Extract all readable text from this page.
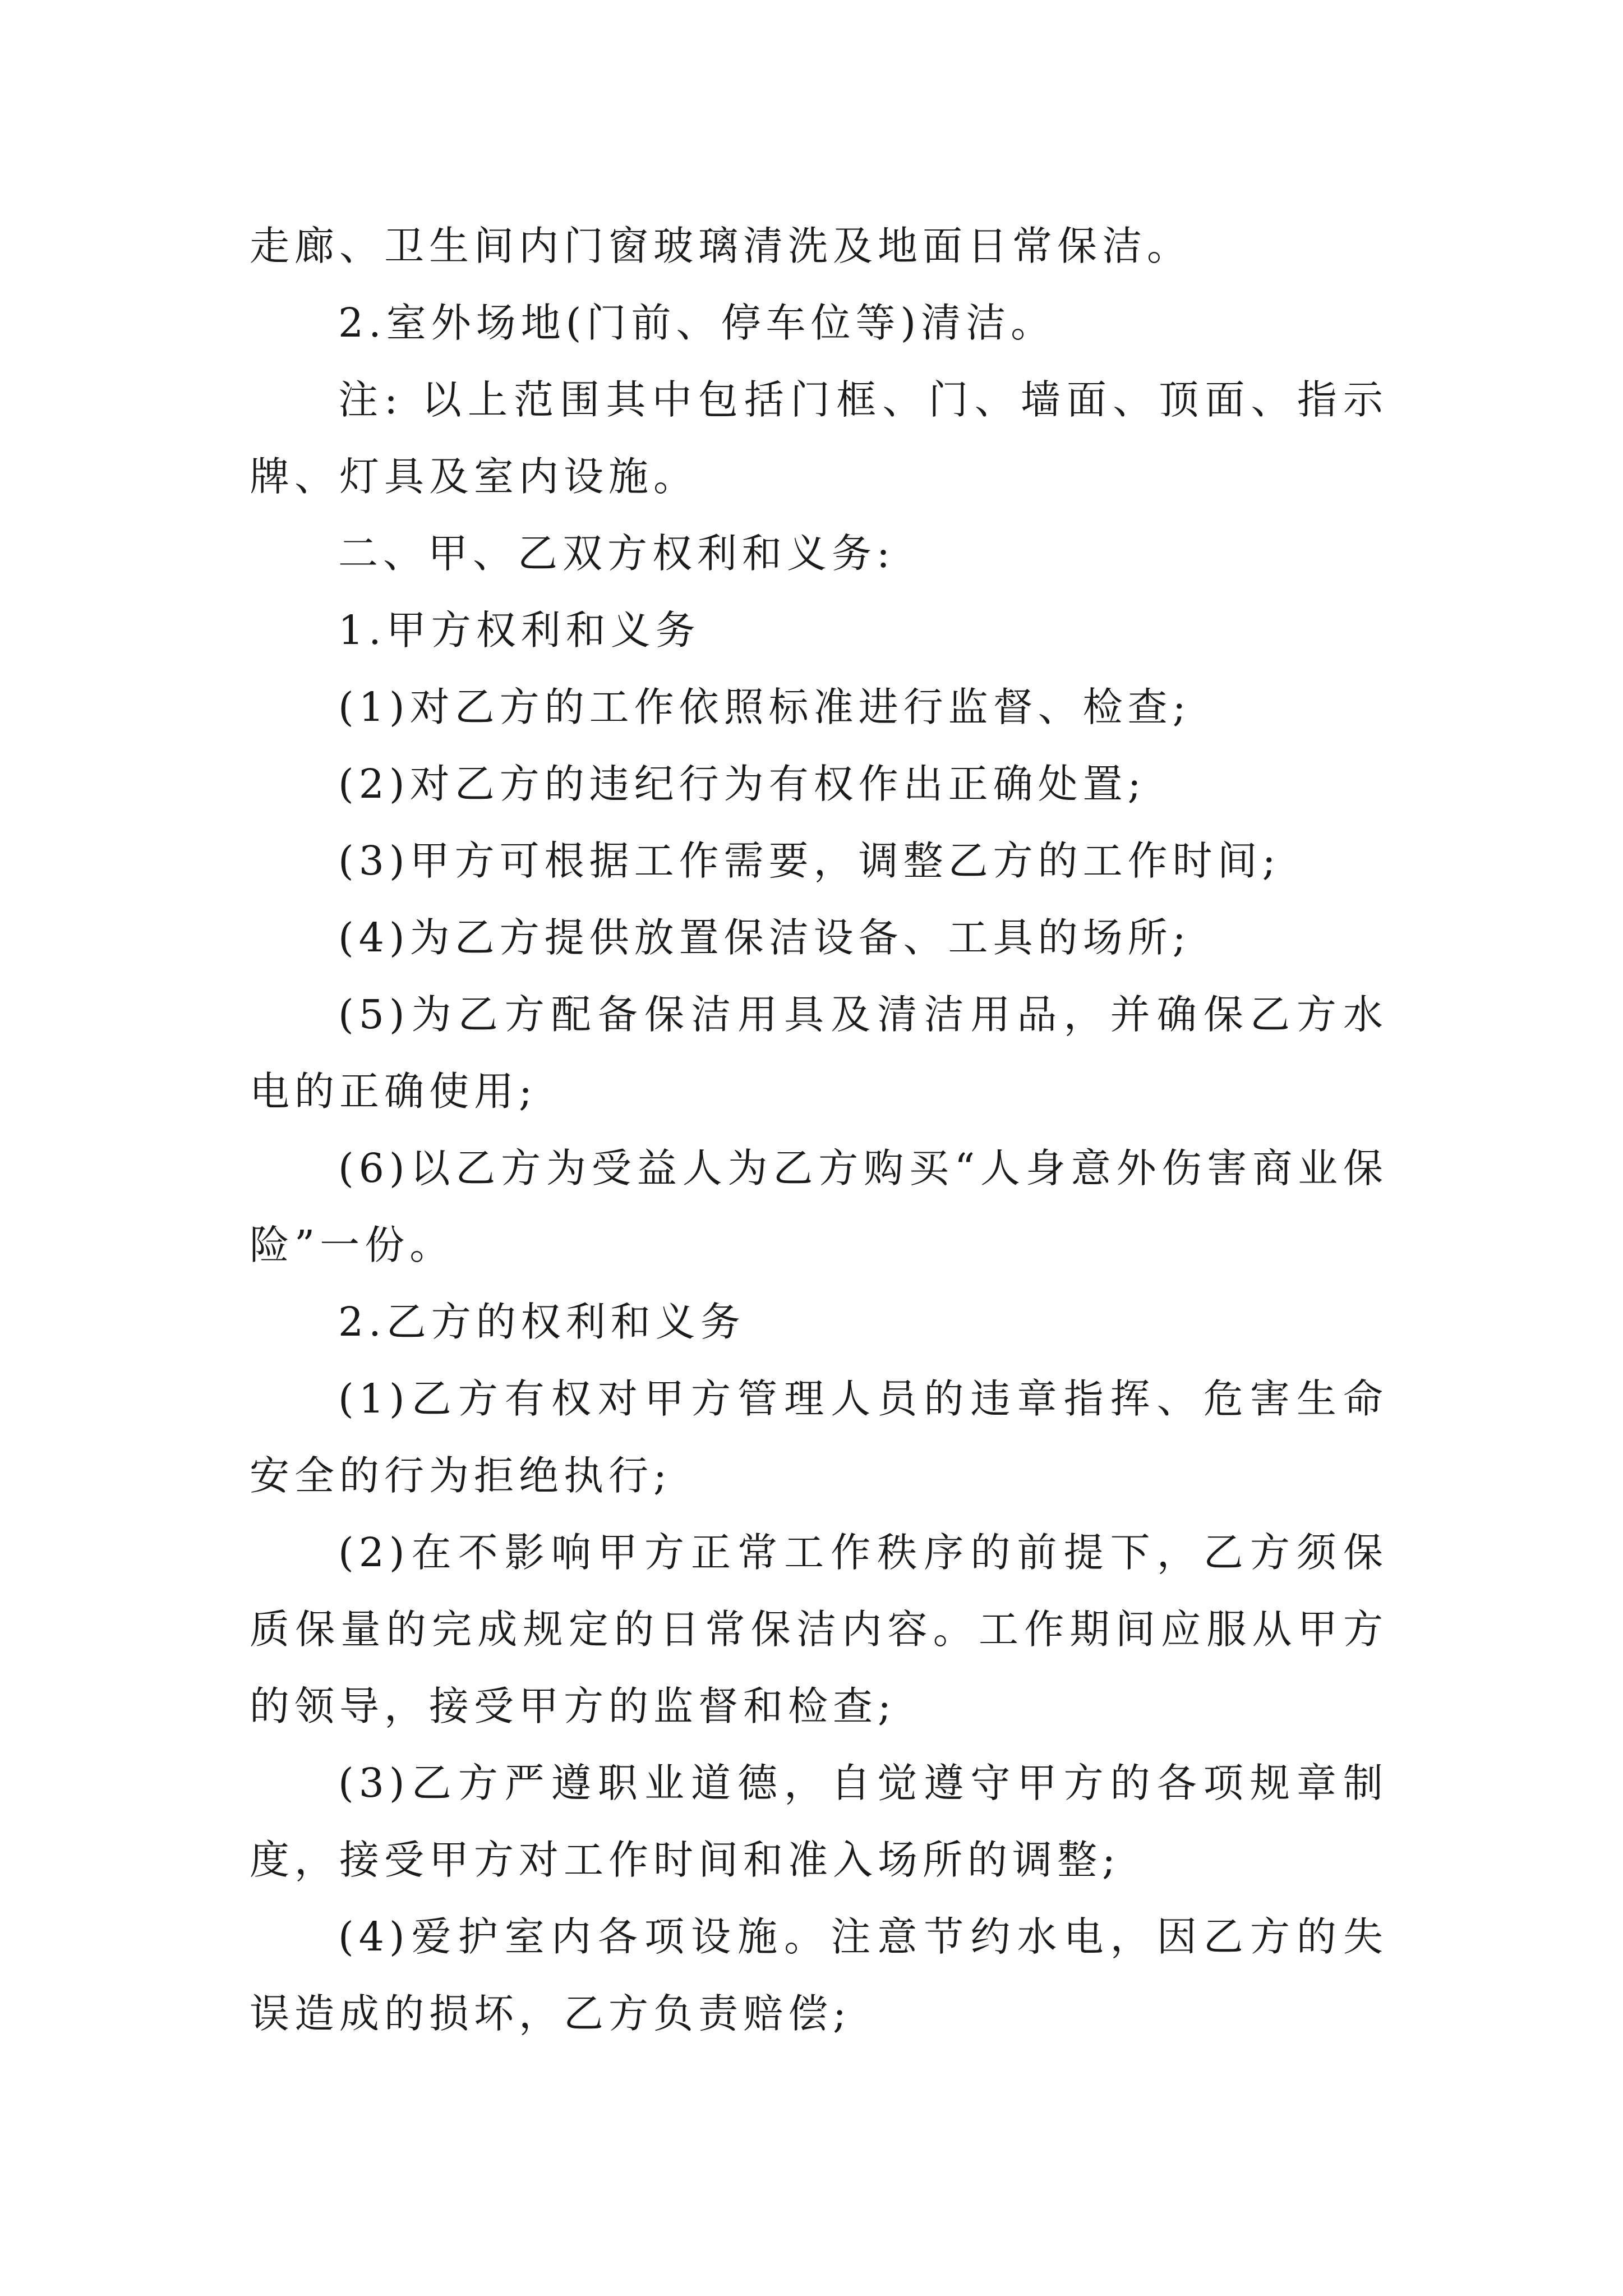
走廊、卫生间内门窗玻璃清洗及地面日常保洁。

2.室外场地(门前、停车位等)清洁。

注: 以上范围其中包括门框、门、墙面、顶面、指示牌、灯具及室内设施。

二、甲、乙双方权利和义务:

1.甲方权利和义务

(1)对乙方的工作依照标准进行监督、检查;

(2)对乙方的违纪行为有权作出正确处置;

(3)甲方可根据工作需要，调整乙方的工作时间;

(4)为乙方提供放置保洁设备、工具的场所;

(5)为乙方配备保洁用具及清洁用品，并确保乙方水电的正确使用;

(6)以乙方为受益人为乙方购买“人身意外伤害商业保险”一份。

2.乙方的权利和义务

(1)乙方有权对甲方管理人员的违章指挥、危害生命安全的行为拒绝执行;

(2)在不影响甲方正常工作秩序的前提下，乙方须保质保量的完成规定的日常保洁内容。工作期间应服从甲方的领导，接受甲方的监督和检查;

(3)乙方严遵职业道德，自觉遵守甲方的各项规章制度，接受甲方对工作时间和准入场所的调整;

(4)爱护室内各项设施。注意节约水电，因乙方的失误造成的损坏，乙方负责赔偿;
